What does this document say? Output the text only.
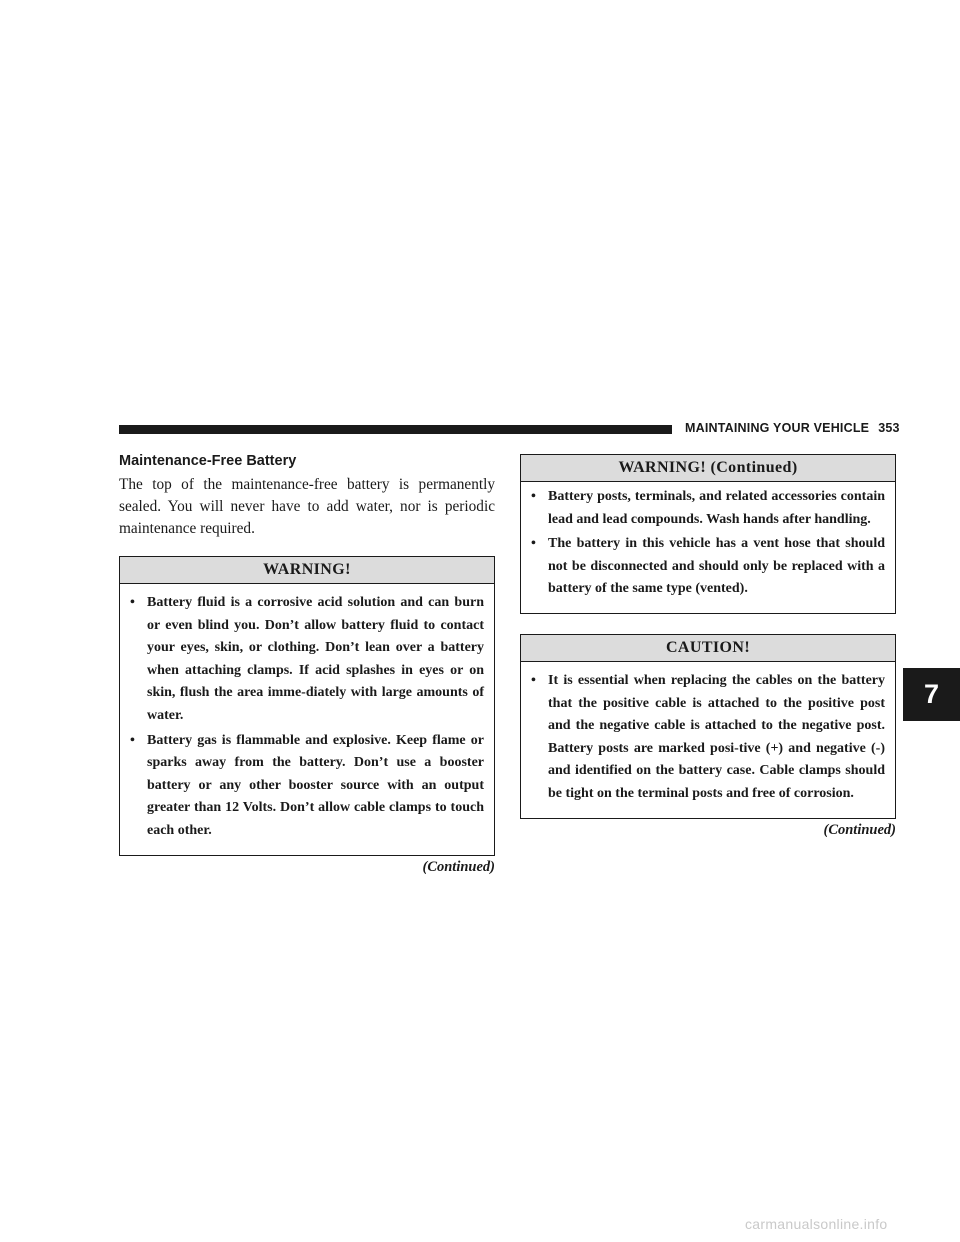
MAINTAINING YOUR VEHICLE 353
Maintenance-Free Battery

The top of the maintenance-free battery is permanently sealed. You will never have to add water, nor is periodic maintenance required.

WARNING!
• Battery fluid is a corrosive acid solution and can burn or even blind you. Don’t allow battery fluid to contact your eyes, skin, or clothing. Don’t lean over a battery when attaching clamps. If acid splashes in eyes or on skin, flush the area imme-diately with large amounts of water.
• Battery gas is flammable and explosive. Keep flame or sparks away from the battery. Don’t use a booster battery or any other booster source with an output greater than 12 Volts. Don’t allow cable clamps to touch each other.
(Continued)
WARNING! (Continued)
• Battery posts, terminals, and related accessories contain lead and lead compounds. Wash hands after handling.
• The battery in this vehicle has a vent hose that should not be disconnected and should only be replaced with a battery of the same type (vented).
CAUTION!
• It is essential when replacing the cables on the battery that the positive cable is attached to the positive post and the negative cable is attached to the negative post. Battery posts are marked posi-tive (+) and negative (-) and identified on the battery case. Cable clamps should be tight on the terminal posts and free of corrosion.
(Continued)
7
carmanualsonline.info
